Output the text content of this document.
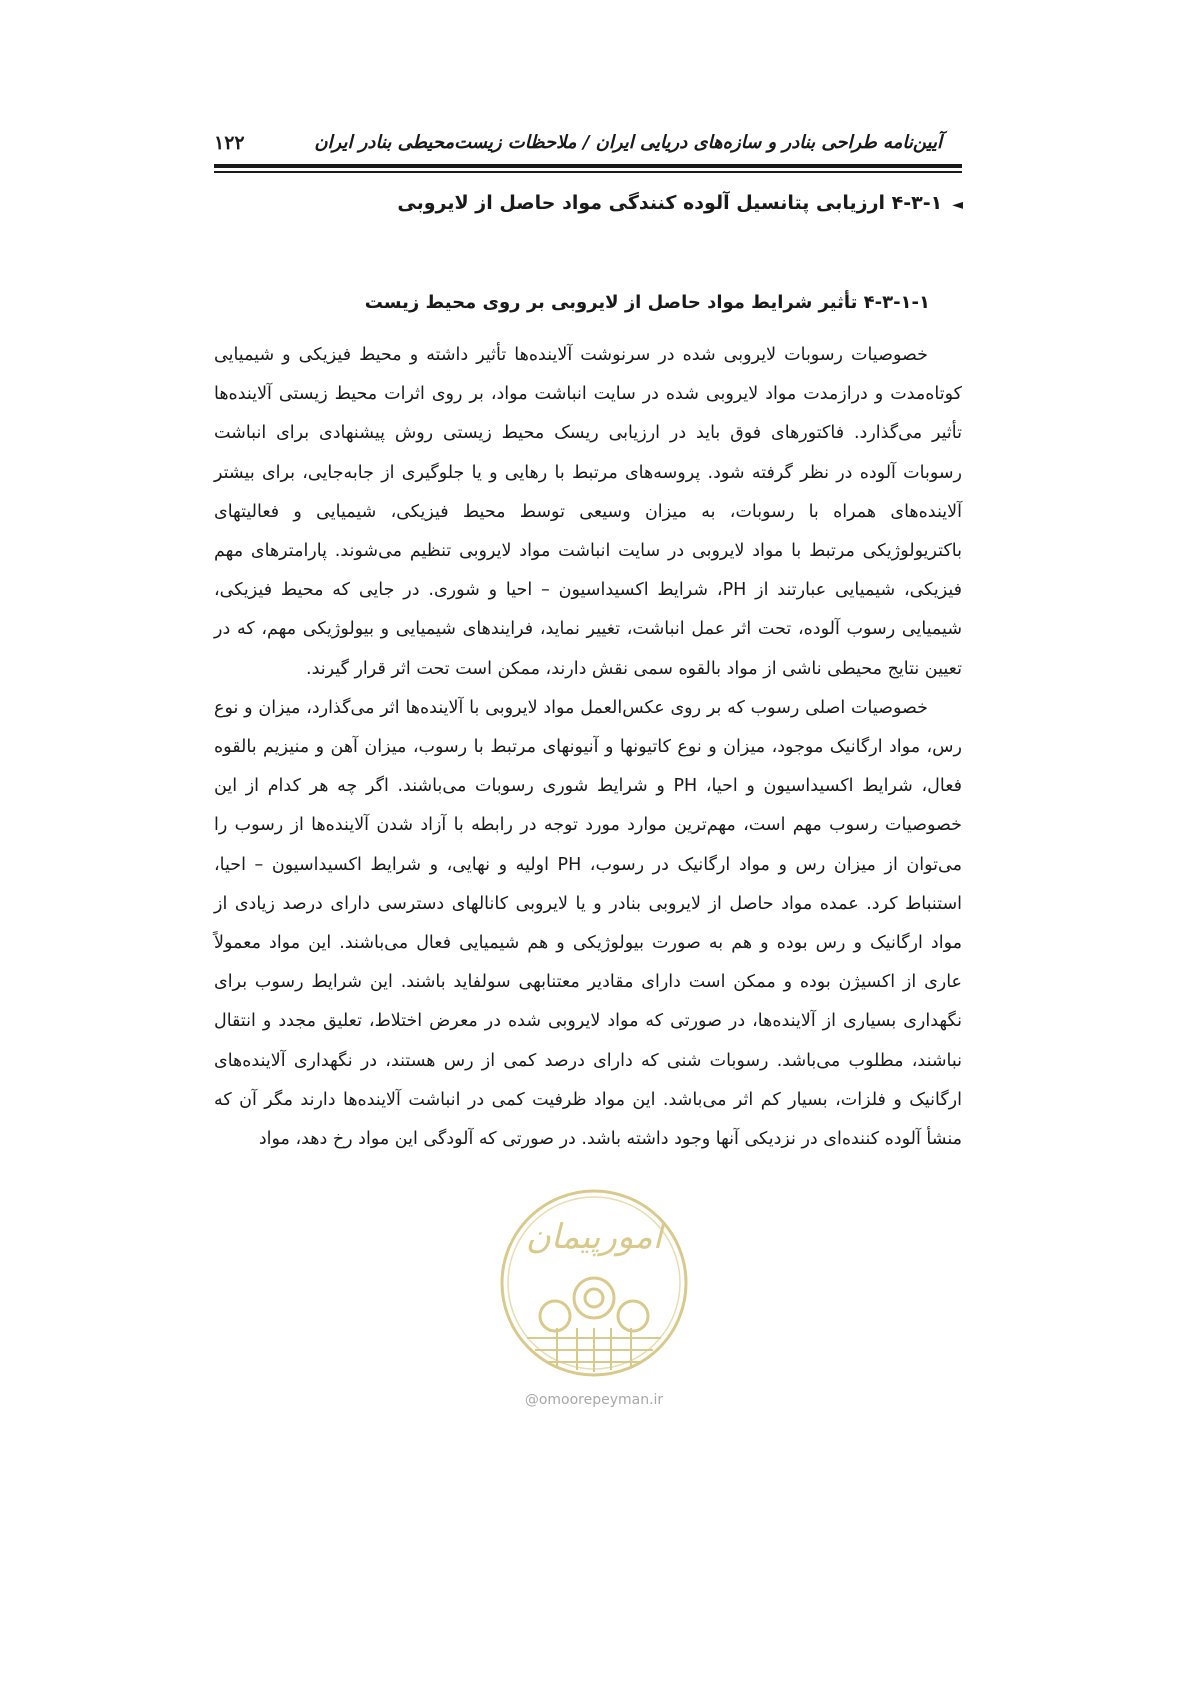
۱۲۲	آیین‌نامه طراحی بنادر و سازه‌های دریایی ایران / ملاحظات زیست‌محیطی بنادر ایران
◄۴-۳-۱ ارزیابی پتانسیل آلوده کنندگی مواد حاصل از لایروبی
۴-۳-۱-۱ تأثیر شرایط مواد حاصل از لایروبی بر روی محیط زیست

خصوصیات رسوبات لایروبی شده در سرنوشت آلاینده‌ها تأثیر داشته و محیط فیزیکی و شیمیایی کوتاه‌مدت و درازمدت مواد لایروبی شده در سایت انباشت مواد، بر روی اثرات محیط زیستی آلاینده‌ها تأثیر می‌گذارد. فاکتورهای فوق باید در ارزیابی ریسک محیط زیستی روش پیشنهادی برای انباشت رسوبات آلوده در نظر گرفته شود. پروسه‌های مرتبط با رهایی و یا جلوگیری از جابه‌جایی، برای بیشتر آلاینده‌های همراه با رسوبات، به میزان وسیعی توسط محیط فیزیکی، شیمیایی و فعالیتهای باکتریولوژیکی مرتبط با مواد لایروبی در سایت انباشت مواد لایروبی تنظیم می‌شوند. پارامترهای مهم فیزیکی، شیمیایی عبارتند از PH، شرایط اکسیداسیون – احیا و شوری. در جایی که محیط فیزیکی، شیمیایی رسوب آلوده، تحت اثر عمل انباشت، تغییر نماید، فرایندهای شیمیایی و بیولوژیکی مهم، که در تعیین نتایج محیطی ناشی از مواد بالقوه سمی نقش دارند، ممکن است تحت اثر قرار گیرند.

خصوصیات اصلی رسوب که بر روی عکس‌العمل مواد لایروبی با آلاینده‌ها اثر می‌گذارد، میزان و نوع رس، مواد ارگانیک موجود، میزان و نوع کاتیونها و آنیونهای مرتبط با رسوب، میزان آهن و منیزیم بالقوه فعال، شرایط اکسیداسیون و احیا، PH و شرایط شوری رسوبات می‌باشند. اگر چه هر کدام از این خصوصیات رسوب مهم است، مهم‌ترین موارد مورد توجه در رابطه با آزاد شدن آلاینده‌ها از رسوب را می‌توان از میزان رس و مواد ارگانیک در رسوب، PH اولیه و نهایی، و شرایط اکسیداسیون – احیا، استنباط کرد. عمده مواد حاصل از لایروبی بنادر و یا لایروبی کانالهای دسترسی دارای درصد زیادی از مواد ارگانیک و رس بوده و هم به صورت بیولوژیکی و هم شیمیایی فعال می‌باشند. این مواد معمولاً عاری از اکسیژن بوده و ممکن است دارای مقادیر معتنابهی سولفاید باشند. این شرایط رسوب برای نگهداری بسیاری از آلاینده‌ها، در صورتی که مواد لایروبی شده در معرض اختلاط، تعلیق مجدد و انتقال نباشند، مطلوب می‌باشد. رسوبات شنی که دارای درصد کمی از رس هستند، در نگهداری آلاینده‌های ارگانیک و فلزات، بسیار کم اثر می‌باشد. این مواد ظرفیت کمی در انباشت آلاینده‌ها دارند مگر آن که منشأ آلوده کننده‌ای در نزدیکی آنها وجود داشته باشد. در صورتی که آلودگی این مواد رخ دهد، مواد

امورپیمان
@omoorepeyman.ir
